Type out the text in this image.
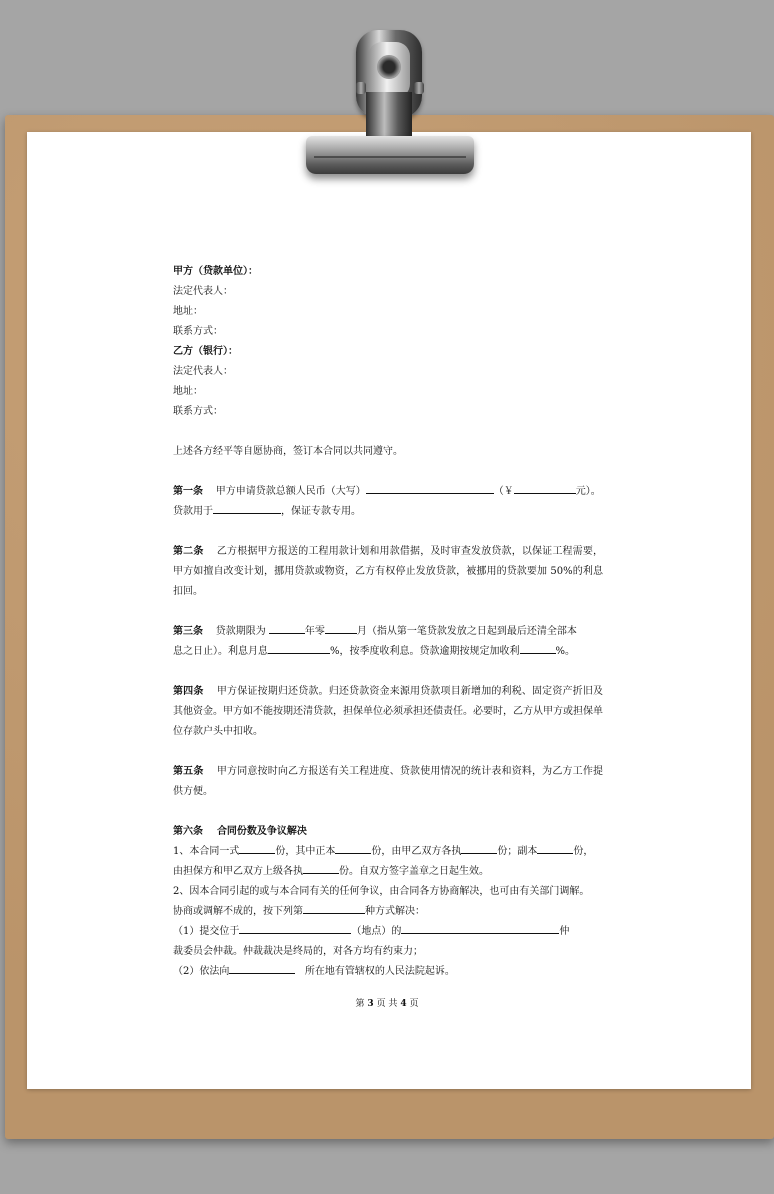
甲方（贷款单位）：

法定代表人：

地址：

联系方式：

乙方（银行）：

法定代表人：

地址：

联系方式：

上述各方经平等自愿协商，签订本合同以共同遵守。

第一条 甲方申请贷款总额人民币（大写）	（￥	元）。

贷款用于	，保证专款专用。

第二条 乙方根据甲方报送的工程用款计划和用款借据，及时审查发放贷款，以保证工程需要，甲方如擅自改变计划，挪用贷款或物资，乙方有权停止发放贷款，被挪用的贷款要加 50%的利息扣回。

第三条 贷款期限为	年零	月（指从第一笔贷款发放之日起到最后还清全部本

息之日止）。利息月息	%，按季度收利息。贷款逾期按规定加收利	%。

第四条 甲方保证按期归还贷款。归还贷款资金来源用贷款项目新增加的利税、固定资产折旧及其他资金。甲方如不能按期还清贷款，担保单位必须承担还债责任。必要时，乙方从甲方或担保单位存款户头中扣收。

第五条 甲方同意按时向乙方报送有关工程进度、贷款使用情况的统计表和资料，为乙方工作提供方便。

第六条 合同份数及争议解决

1、本合同一式	份，其中正本	份，由甲乙双方各执	份；副本	份，

由担保方和甲乙双方上级各执	份。自双方签字盖章之日起生效。

2、因本合同引起的或与本合同有关的任何争议，由合同各方协商解决，也可由有关部门调解。

协商或调解不成的，按下列第	种方式解决：

（1）提交位于	（地点）的	仲

裁委员会仲裁。仲裁裁决是终局的，对各方均有约束力；

（2）依法向	所在地有管辖权的人民法院起诉。

第 3 页 共 4 页
